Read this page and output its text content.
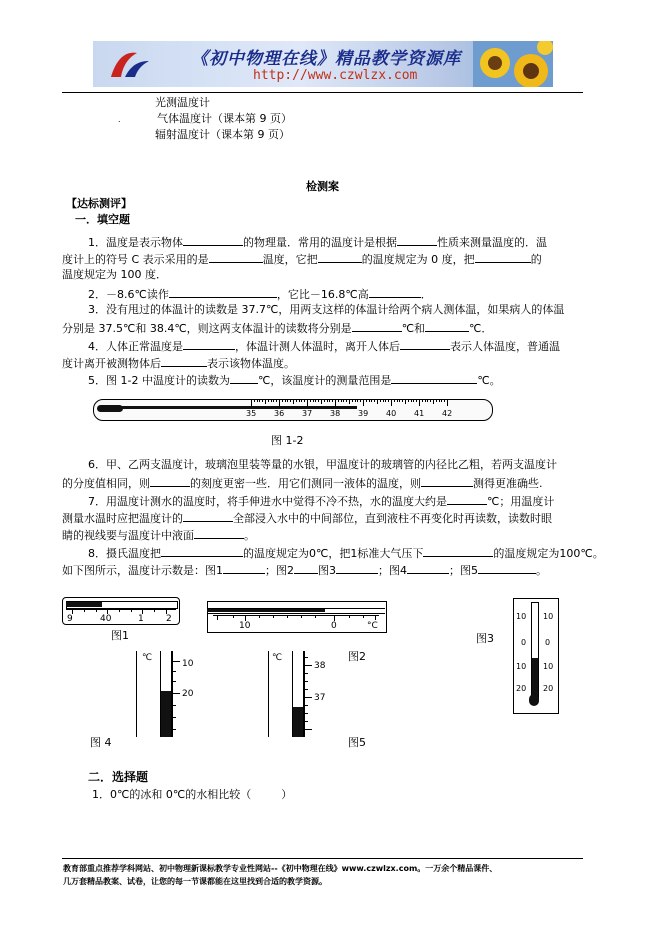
《初中物理在线》精品教学资源库
http://www.czwlzx.com
光测温度计
.	气体温度计（课本第 9 页）
辐射温度计（课本第 9 页）
检测案
【达标测评】
一．填空题
1．温度是表示物体	的物理量．常用的温度计是根据	性质来测量温度的．温
度计上的符号 C 表示采用的是	温度，它把	的温度规定为 0 度，把	的
温度规定为 100 度．
2．－8.6℃读作	，它比－16.8℃高	．
3．没有甩过的体温计的读数是 37.7℃，用两支这样的体温计给两个病人测体温，如果病人的体温
分别是 37.5℃和 38.4℃，则这两支体温计的读数将分别是	℃和	℃．
4．人体正常温度是	，体温计测人体温时，离开人体后	表示人体温度，普通温
度计离开被测物体后	表示该物体温度。
5．图 1-2 中温度计的读数为	℃，该温度计的测量范围是	℃。
35 36 37 38 39 40 41 42
图 1-2
6．甲、乙两支温度计，玻璃泡里装等量的水银，甲温度计的玻璃管的内径比乙粗，若两支温度计
的分度值相同，则	的刻度更密一些．用它们测同一液体的温度，则	测得更准确些.
7．用温度计测水的温度时，将手伸进水中觉得不冷不热，水的温度大约是	℃；用温度计
测量水温时应把温度计的	全部浸入水中的中间部位，直到液柱不再变化时再读数，读数时眼
睛的视线要与温度计中液面	。
8．摄氏温度把	的温度规定为0℃，把1标准大气压下	的温度规定为100℃。
如下图所示，温度计示数是：图1	；图2 图3	；图4	；图5	。
9	40	1 2
图1
10	0	°C
图2
10
0
10
20
10
0
10
20
图3
℃
10
20
图 4
℃
38
37
图5
二．选择题
1．0℃的冰和 0℃的水相比较（	）
教育部重点推荐学科网站、初中物理新课标教学专业性网站--《初中物理在线》www.czwlzx.com。一万余个精品课件、
几万套精品教案、试卷，让您的每一节课都能在这里找到合适的教学资源。
